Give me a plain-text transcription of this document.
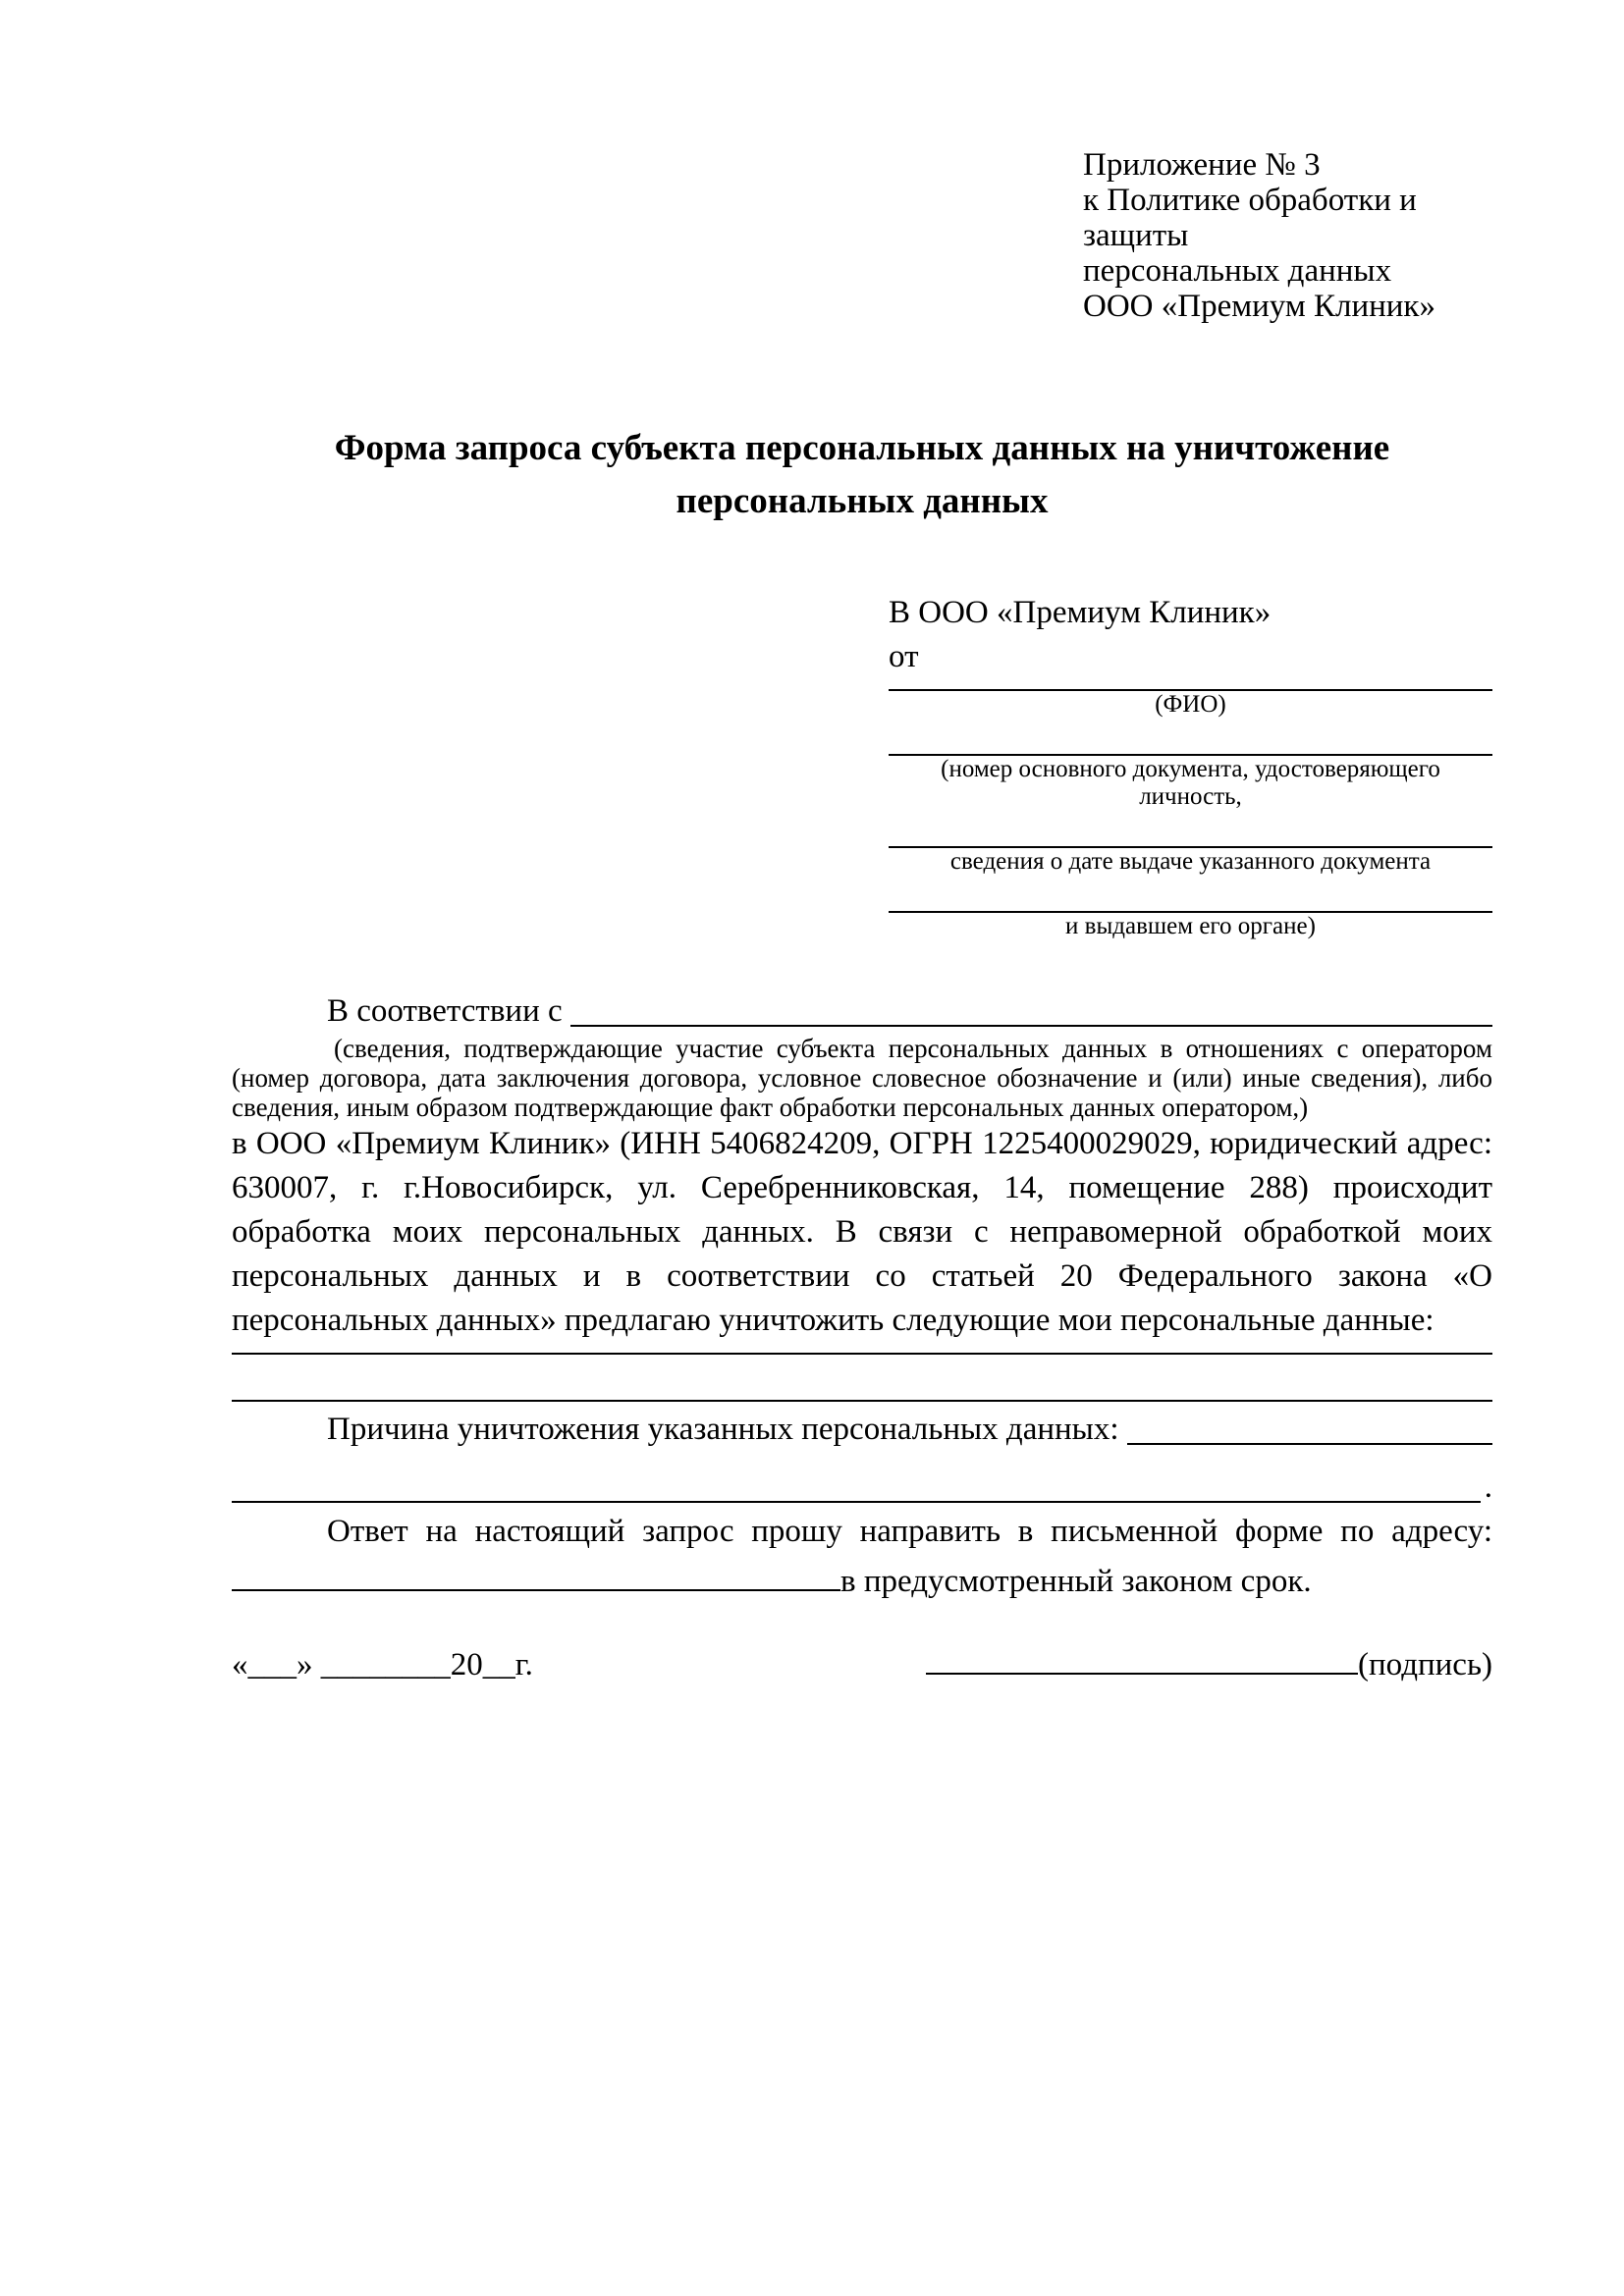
Приложение № 3
к Политике обработки и защиты
персональных данных
ООО «Премиум Клиник»
Форма запроса субъекта персональных данных на уничтожение персональных данных
В ООО «Премиум Клиник»
от
(ФИО)
(номер основного документа, удостоверяющего личность,
сведения о дате выдаче указанного документа
и выдавшем его органе)
В соответствии с

(сведения, подтверждающие участие субъекта персональных данных в отношениях с оператором (номер договора, дата заключения договора, условное словесное обозначение и (или) иные сведения), либо сведения, иным образом подтверждающие факт обработки персональных данных оператором,)

в ООО «Премиум Клиник» (ИНН 5406824209, ОГРН 1225400029029, юридический адрес: 630007, г. г.Новосибирск, ул. Серебренниковская, 14, помещение 288) происходит обработка моих персональных данных. В связи с неправомерной обработкой моих персональных данных и в соответствии со статьей 20 Федерального закона «О персональных данных» предлагаю уничтожить следующие мои персональные данные:

Причина уничтожения указанных персональных данных:
.

Ответ на настоящий запрос прошу направить в письменной форме по адресу: в предусмотренный законом срок.

«___» ________20__г.	(подпись)
